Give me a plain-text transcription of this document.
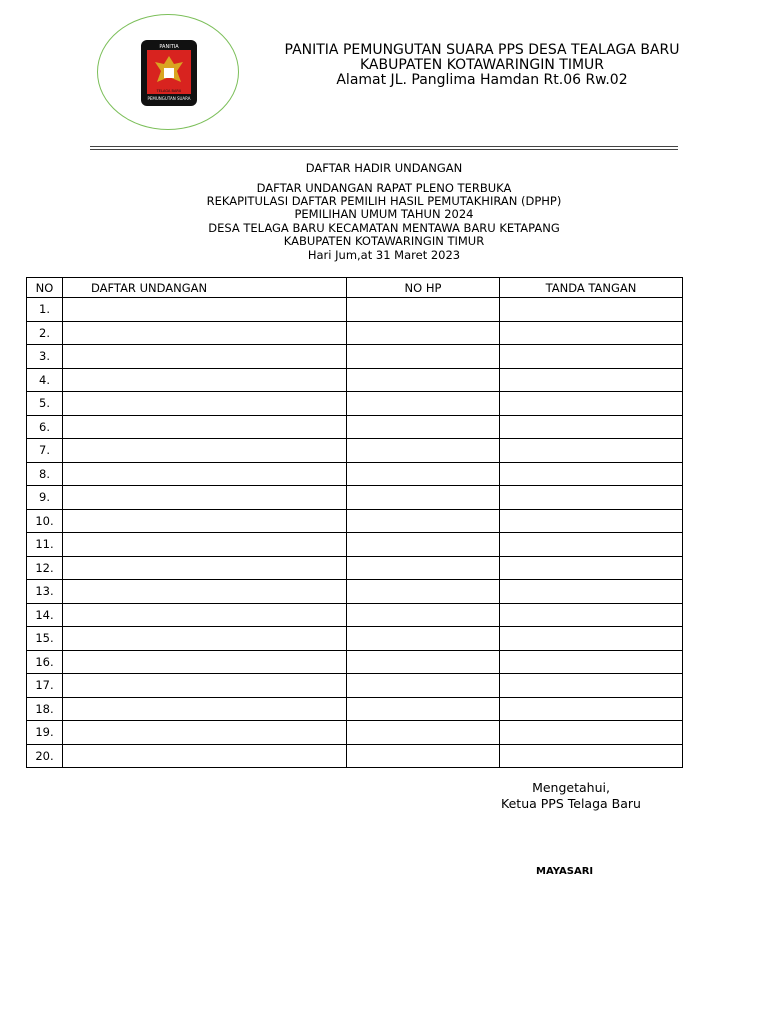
PANITIA
PEMUNGUTAN SUARA
TELAGA BARU
PANITIA PEMUNGUTAN SUARA PPS DESA TEALAGA BARU
KABUPATEN KOTAWARINGIN TIMUR
Alamat JL. Panglima Hamdan Rt.06 Rw.02
DAFTAR HADIR UNDANGAN
DAFTAR UNDANGAN RAPAT PLENO TERBUKA
REKAPITULASI DAFTAR PEMILIH HASIL PEMUTAKHIRAN (DPHP)
PEMILIHAN UMUM TAHUN 2024
DESA TELAGA BARU KECAMATAN MENTAWA BARU KETAPANG
KABUPATEN KOTAWARINGIN TIMUR
Hari Jum,at 31 Maret 2023
NO	DAFTAR UNDANGAN	NO HP	TANDA TANGAN
1.			
2.			
3.			
4.			
5.			
6.			
7.			
8.			
9.			
10.			
11.			
12.			
13.			
14.			
15.			
16.			
17.			
18.			
19.			
20.			
Mengetahui,
Ketua PPS Telaga Baru
MAYASARI
